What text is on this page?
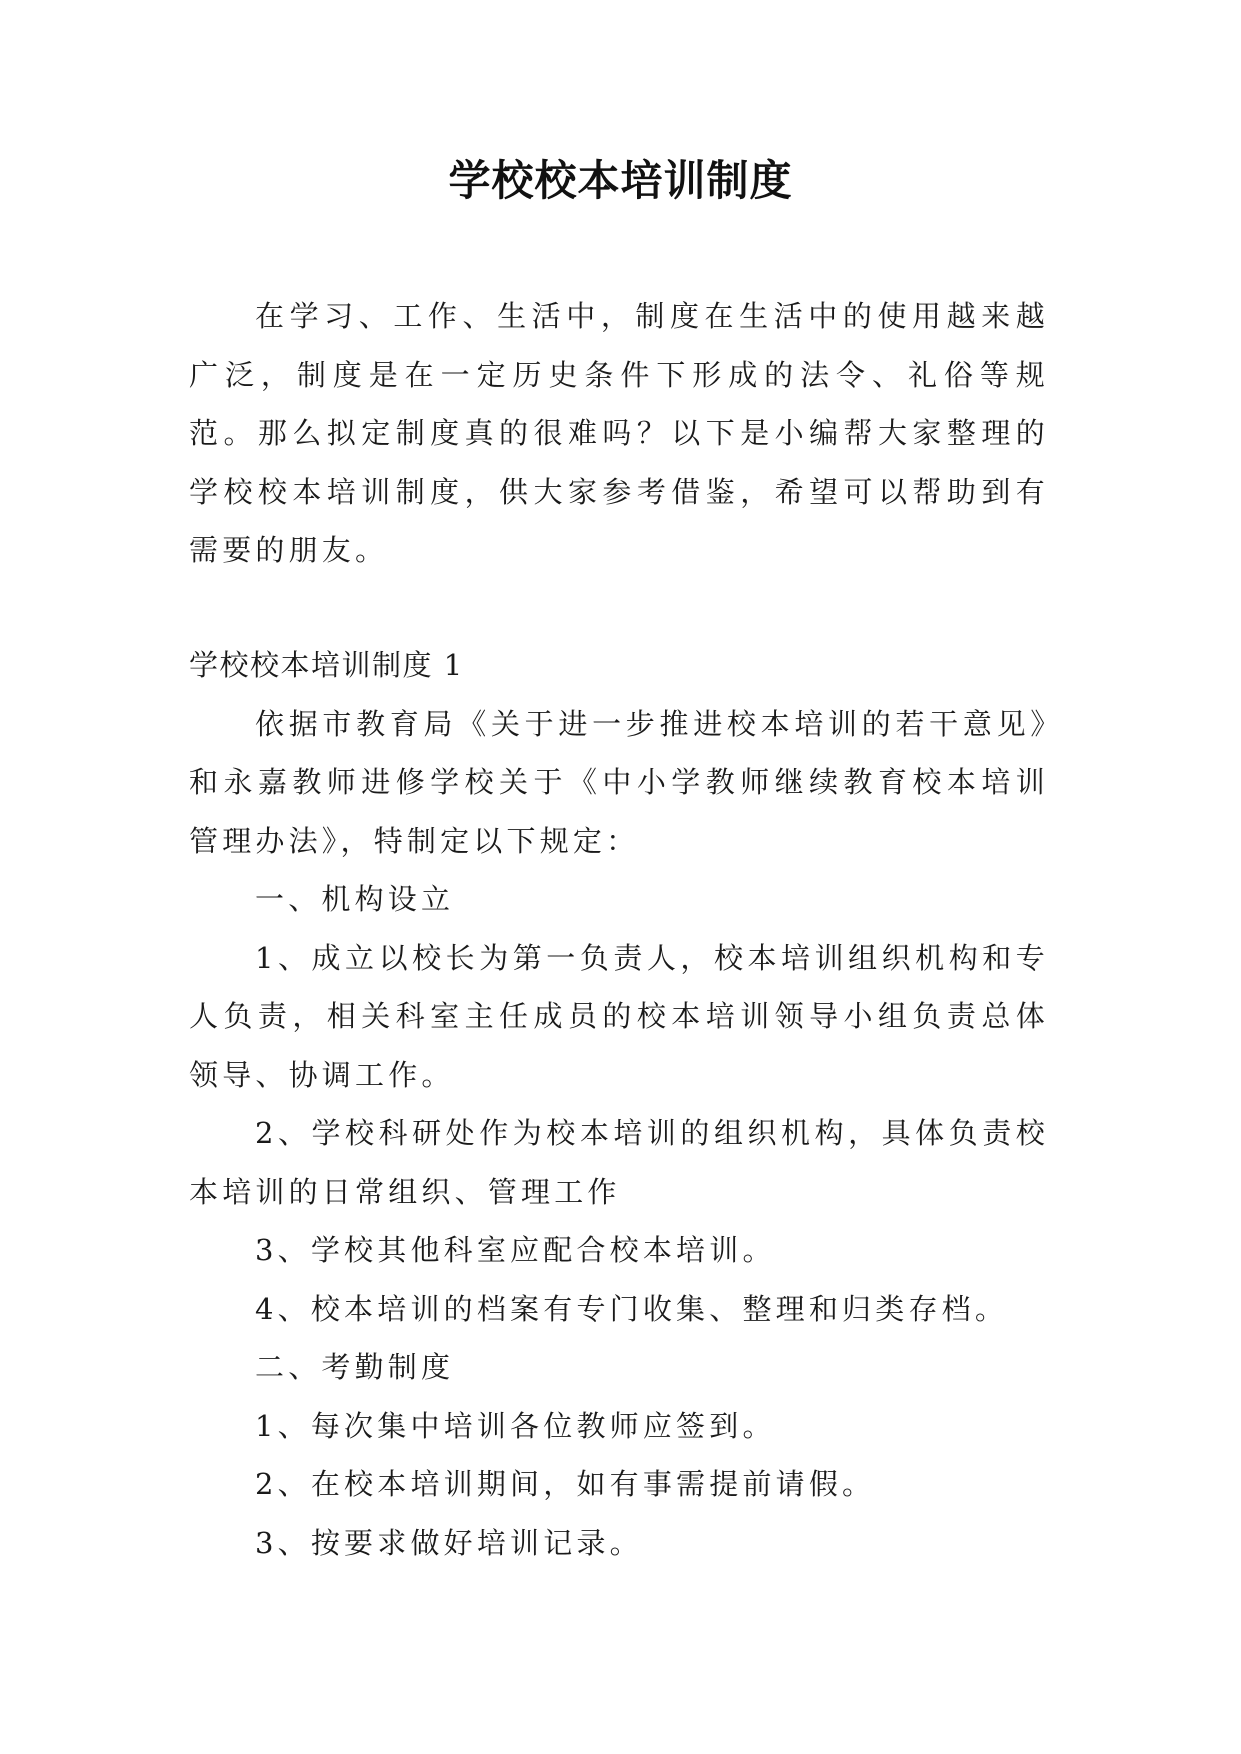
学校校本培训制度

在学习、工作、生活中，制度在生活中的使用越来越广泛，制度是在一定历史条件下形成的法令、礼俗等规范。那么拟定制度真的很难吗？以下是小编帮大家整理的学校校本培训制度，供大家参考借鉴，希望可以帮助到有需要的朋友。

学校校本培训制度 1

依据市教育局《关于进一步推进校本培训的若干意见》和永嘉教师进修学校关于《中小学教师继续教育校本培训管理办法》，特制定以下规定：

一、机构设立

1、成立以校长为第一负责人，校本培训组织机构和专人负责，相关科室主任成员的校本培训领导小组负责总体领导、协调工作。

2、学校科研处作为校本培训的组织机构，具体负责校本培训的日常组织、管理工作

3、学校其他科室应配合校本培训。

4、校本培训的档案有专门收集、整理和归类存档。

二、考勤制度

1、每次集中培训各位教师应签到。

2、在校本培训期间，如有事需提前请假。

3、按要求做好培训记录。
